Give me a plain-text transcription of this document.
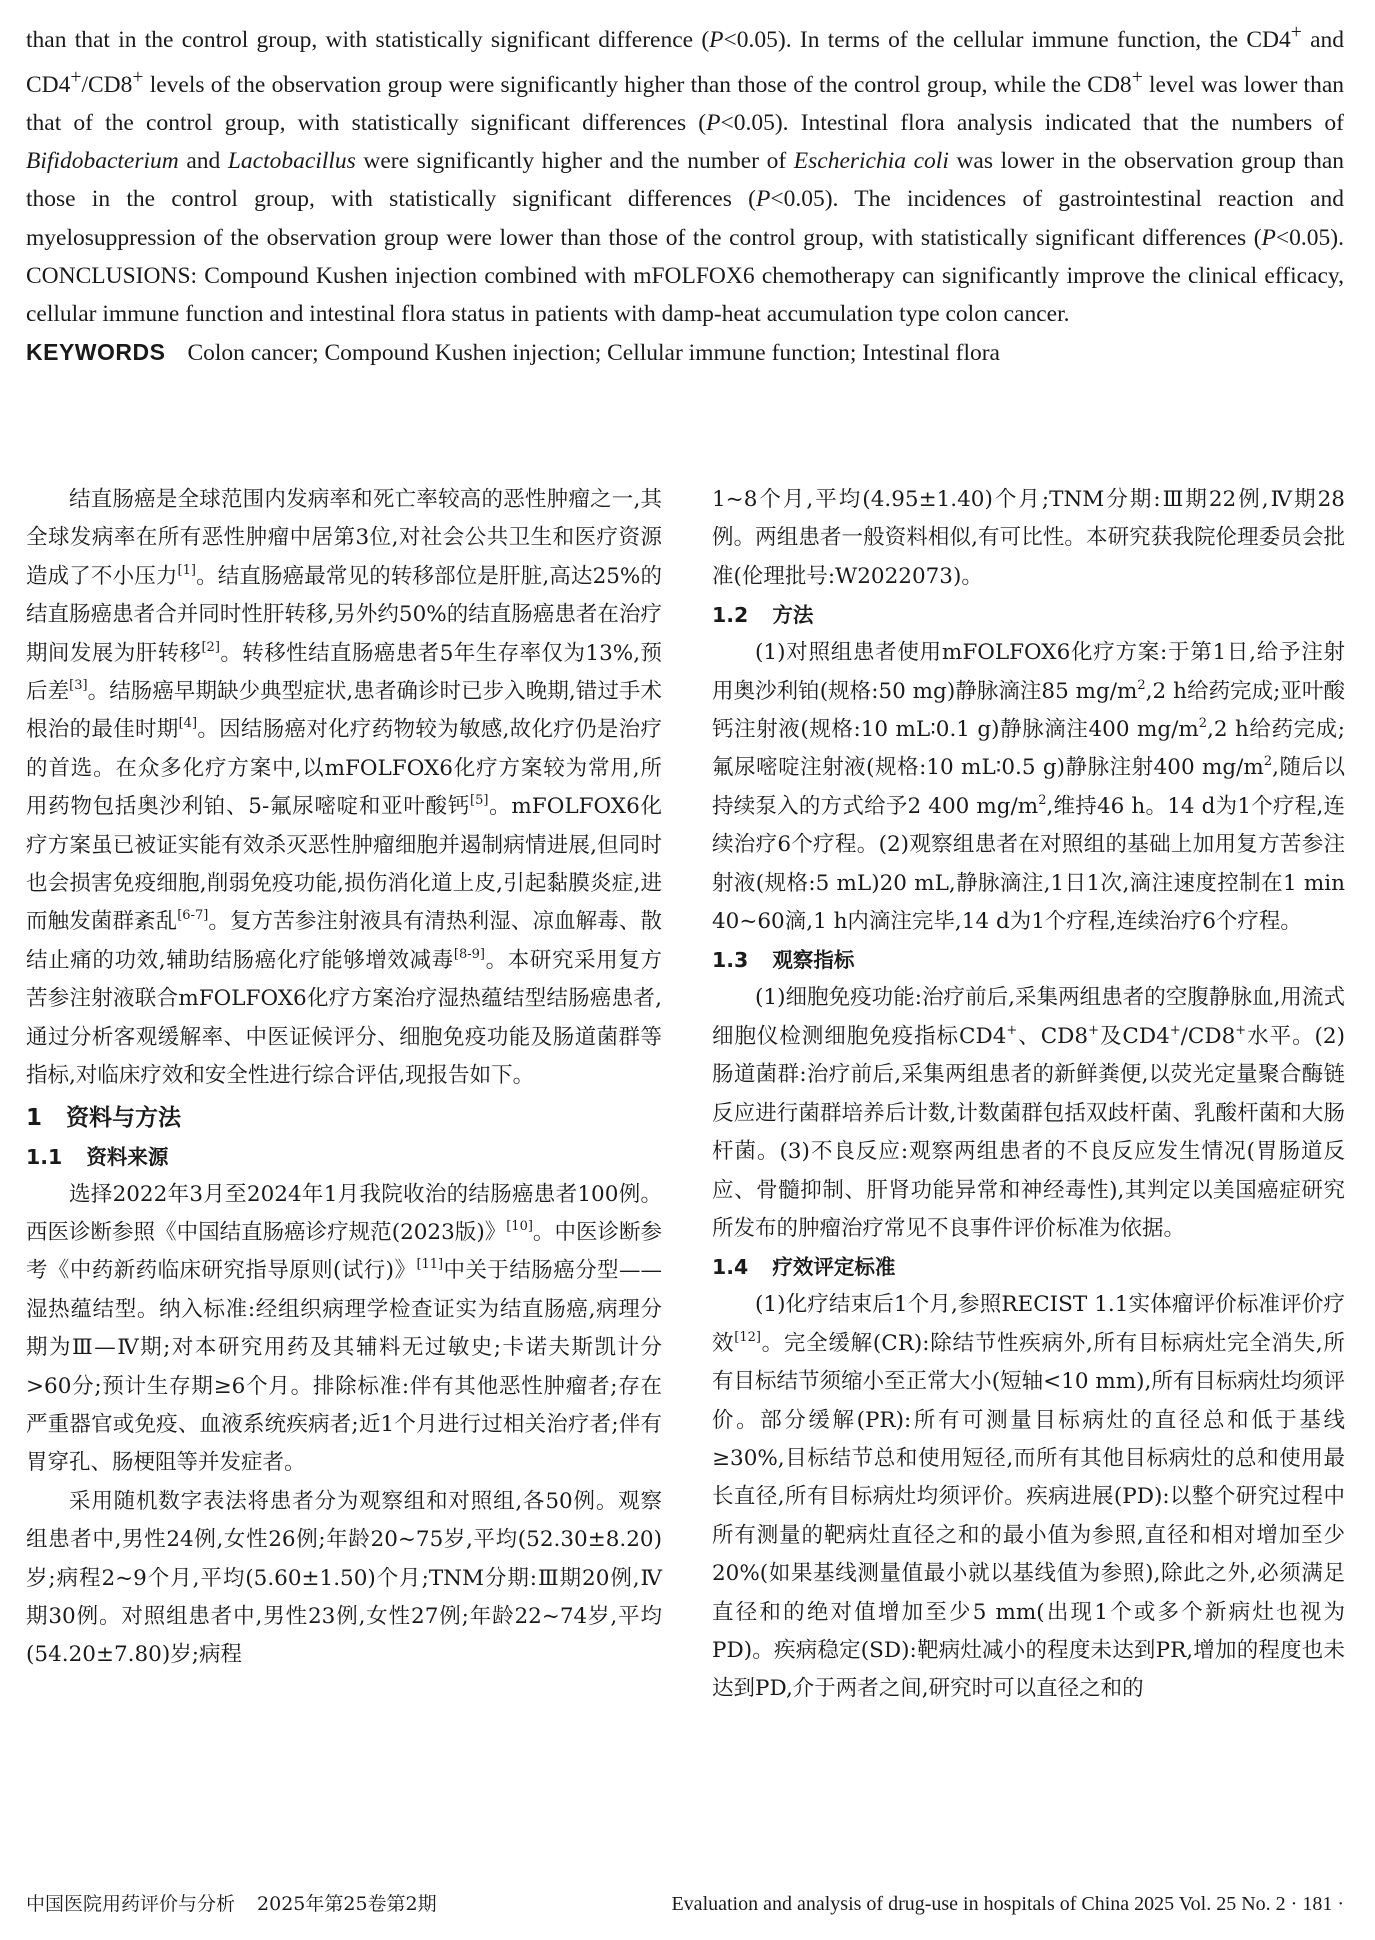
than that in the control group, with statistically significant difference (P<0.05). In terms of the cellular immune function, the CD4+ and CD4+/CD8+ levels of the observation group were significantly higher than those of the control group, while the CD8+ level was lower than that of the control group, with statistically significant differences (P<0.05). Intestinal flora analysis indicated that the numbers of Bifidobacterium and Lactobacillus were significantly higher and the number of Escherichia coli was lower in the observation group than those in the control group, with statistically significant differences (P<0.05). The incidences of gastrointestinal reaction and myelosuppression of the observation group were lower than those of the control group, with statistically significant differences (P<0.05). CONCLUSIONS: Compound Kushen injection combined with mFOLFOX6 chemotherapy can significantly improve the clinical efficacy, cellular immune function and intestinal flora status in patients with damp-heat accumulation type colon cancer.

KEYWORDS Colon cancer; Compound Kushen injection; Cellular immune function; Intestinal flora

结直肠癌是全球范围内发病率和死亡率较高的恶性肿瘤之一,其全球发病率在所有恶性肿瘤中居第3位,对社会公共卫生和医疗资源造成了不小压力[1]。结直肠癌最常见的转移部位是肝脏,高达25%的结直肠癌患者合并同时性肝转移,另外约50%的结直肠癌患者在治疗期间发展为肝转移[2]。转移性结直肠癌患者5年生存率仅为13%,预后差[3]。结肠癌早期缺少典型症状,患者确诊时已步入晚期,错过手术根治的最佳时期[4]。因结肠癌对化疗药物较为敏感,故化疗仍是治疗的首选。在众多化疗方案中,以mFOLFOX6化疗方案较为常用,所用药物包括奥沙利铂、5-氟尿嘧啶和亚叶酸钙[5]。mFOLFOX6化疗方案虽已被证实能有效杀灭恶性肿瘤细胞并遏制病情进展,但同时也会损害免疫细胞,削弱免疫功能,损伤消化道上皮,引起黏膜炎症,进而触发菌群紊乱[6-7]。复方苦参注射液具有清热利湿、凉血解毒、散结止痛的功效,辅助结肠癌化疗能够增效减毒[8-9]。本研究采用复方苦参注射液联合mFOLFOX6化疗方案治疗湿热蕴结型结肠癌患者,通过分析客观缓解率、中医证候评分、细胞免疫功能及肠道菌群等指标,对临床疗效和安全性进行综合评估,现报告如下。

1 资料与方法
1.1 资料来源

选择2022年3月至2024年1月我院收治的结肠癌患者100例。西医诊断参照《中国结直肠癌诊疗规范(2023版)》[10]。中医诊断参考《中药新药临床研究指导原则(试行)》[11]中关于结肠癌分型——湿热蕴结型。纳入标准:经组织病理学检查证实为结直肠癌,病理分期为Ⅲ—Ⅳ期;对本研究用药及其辅料无过敏史;卡诺夫斯凯计分>60分;预计生存期≥6个月。排除标准:伴有其他恶性肿瘤者;存在严重器官或免疫、血液系统疾病者;近1个月进行过相关治疗者;伴有胃穿孔、肠梗阻等并发症者。

采用随机数字表法将患者分为观察组和对照组,各50例。观察组患者中,男性24例,女性26例;年龄20~75岁,平均(52.30±8.20)岁;病程2~9个月,平均(5.60±1.50)个月;TNM分期:Ⅲ期20例,Ⅳ期30例。对照组患者中,男性23例,女性27例;年龄22~74岁,平均(54.20±7.80)岁;病程

1~8个月,平均(4.95±1.40)个月;TNM分期:Ⅲ期22例,Ⅳ期28例。两组患者一般资料相似,有可比性。本研究获我院伦理委员会批准(伦理批号:W2022073)。

1.2 方法

(1)对照组患者使用mFOLFOX6化疗方案:于第1日,给予注射用奥沙利铂(规格:50 mg)静脉滴注85 $mg/m^2,2$ h给药完成;亚叶酸钙注射液(规格:10 mL∶0.1 g)静脉滴注400 $mg/m^2,2$ h给药完成;氟尿嘧啶注射液(规格:10 mL∶0.5 g)静脉注射400 $mg/m^2$,随后以持续泵入的方式给予2 400 $mg/m^2$,维持46 h。14 d为1个疗程,连续治疗6个疗程。(2)观察组患者在对照组的基础上加用复方苦参注射液(规格:5 mL)20 mL,静脉滴注,1日1次,滴注速度控制在1 min 40~60滴,1 h内滴注完毕,14 d为1个疗程,连续治疗6个疗程。

1.3 观察指标

(1)细胞免疫功能:治疗前后,采集两组患者的空腹静脉血,用流式细胞仪检测细胞免疫指标CD4+、CD8+及CD4+/CD8+水平。(2)肠道菌群:治疗前后,采集两组患者的新鲜粪便,以荧光定量聚合酶链反应进行菌群培养后计数,计数菌群包括双歧杆菌、乳酸杆菌和大肠杆菌。(3)不良反应:观察两组患者的不良反应发生情况(胃肠道反应、骨髓抑制、肝肾功能异常和神经毒性),其判定以美国癌症研究所发布的肿瘤治疗常见不良事件评价标准为依据。

1.4 疗效评定标准

(1)化疗结束后1个月,参照RECIST 1.1实体瘤评价标准评价疗效[12]。完全缓解(CR):除结节性疾病外,所有目标病灶完全消失,所有目标结节须缩小至正常大小(短轴<10 mm),所有目标病灶均须评价。部分缓解(PR):所有可测量目标病灶的直径总和低于基线≥30%,目标结节总和使用短径,而所有其他目标病灶的总和使用最长直径,所有目标病灶均须评价。疾病进展(PD):以整个研究过程中所有测量的靶病灶直径之和的最小值为参照,直径和相对增加至少20%(如果基线测量值最小就以基线值为参照),除此之外,必须满足直径和的绝对值增加至少5 mm(出现1个或多个新病灶也视为PD)。疾病稳定(SD):靶病灶减小的程度未达到PR,增加的程度也未达到PD,介于两者之间,研究时可以直径之和的

中国医院用药评价与分析 2025年第25卷第2期	Evaluation and analysis of drug-use in hospitals of China 2025 Vol. 25 No. 2 · 181 ·
